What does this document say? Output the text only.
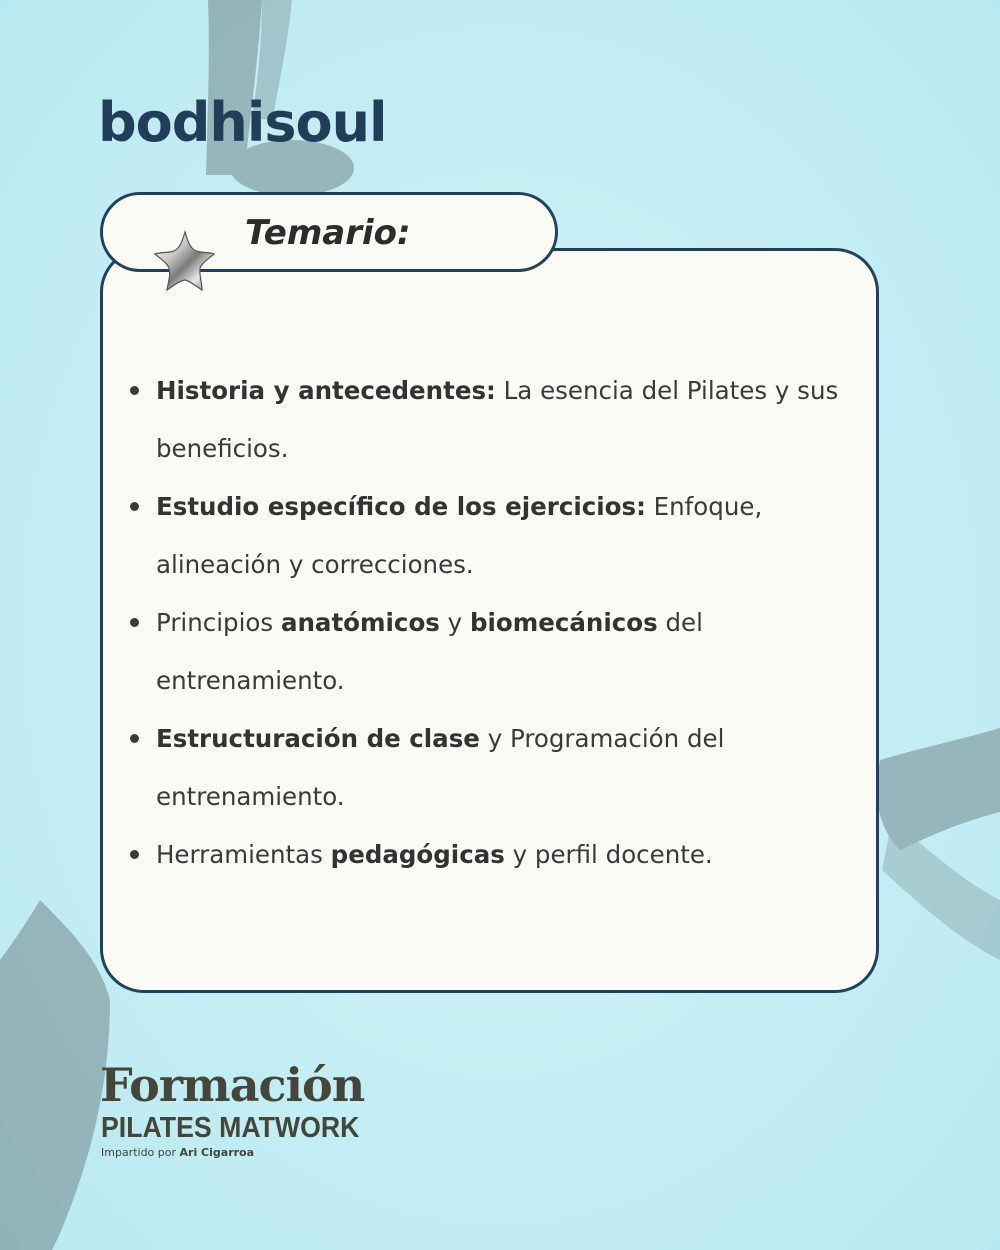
bodhisoul
Temario:
Historia y antecedentes: La esencia del Pilates y sus beneficios.
Estudio específico de los ejercicios: Enfoque, alineación y correcciones.
Principios anatómicos y biomecánicos del entrenamiento.
Estructuración de clase y Programación del entrenamiento.
Herramientas pedagógicas y perfil docente.
Formación
PILATES MATWORK
Impartido por Ari Cigarroa
